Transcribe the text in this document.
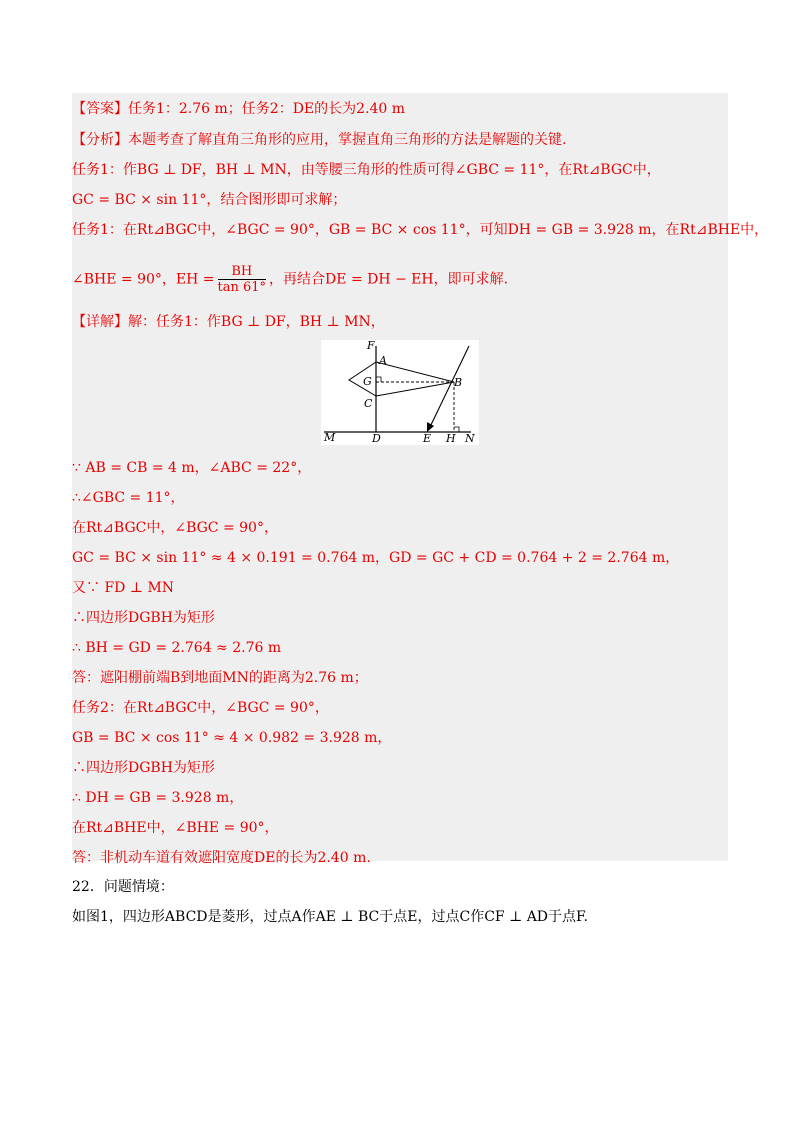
【答案】任务1：2.76 m；任务2：DE的长为2.40 m
【分析】本题考查了解直角三角形的应用，掌握直角三角形的方法是解题的关键.
任务1：作BG ⊥ DF，BH ⊥ MN，由等腰三角形的性质可得∠GBC = 11°，在Rt⊿BGC中，
GC = BC × sin 11°，结合图形即可求解；
任务1：在Rt⊿BGC中，∠BGC = 90°，GB = BC × cos 11°，可知DH = GB = 3.928 m，在Rt⊿BHE中，
∠BHE = 90°，EH = $\frac{BH}{\tan 61^\circ}$ ，再结合DE = DH − EH，即可求解.
【详解】解：任务1：作BG ⊥ DF，BH ⊥ MN，
F
A
G	B
C
M	D	E H N
∵ AB = CB = 4 m，∠ABC = 22°，
∴∠GBC = 11°，
在Rt⊿BGC中，∠BGC = 90°，
GC = BC × sin 11° ≈ 4 × 0.191 = 0.764 m，GD = GC + CD = 0.764 + 2 = 2.764 m，
又∵ FD ⊥ MN
∴四边形DGBH为矩形
∴ BH = GD = 2.764 ≈ 2.76 m
答：遮阳棚前端B到地面MN的距离为2.76 m；
任务2：在Rt⊿BGC中，∠BGC = 90°，
GB = BC × cos 11° ≈ 4 × 0.982 = 3.928 m，
∴四边形DGBH为矩形
∴ DH = GB = 3.928 m，
在Rt⊿BHE中，∠BHE = 90°，
答：非机动车道有效遮阳宽度DE的长为2.40 m.
22．问题情境：
如图1，四边形ABCD是菱形，过点A作AE ⊥ BC于点E，过点C作CF ⊥ AD于点F.
